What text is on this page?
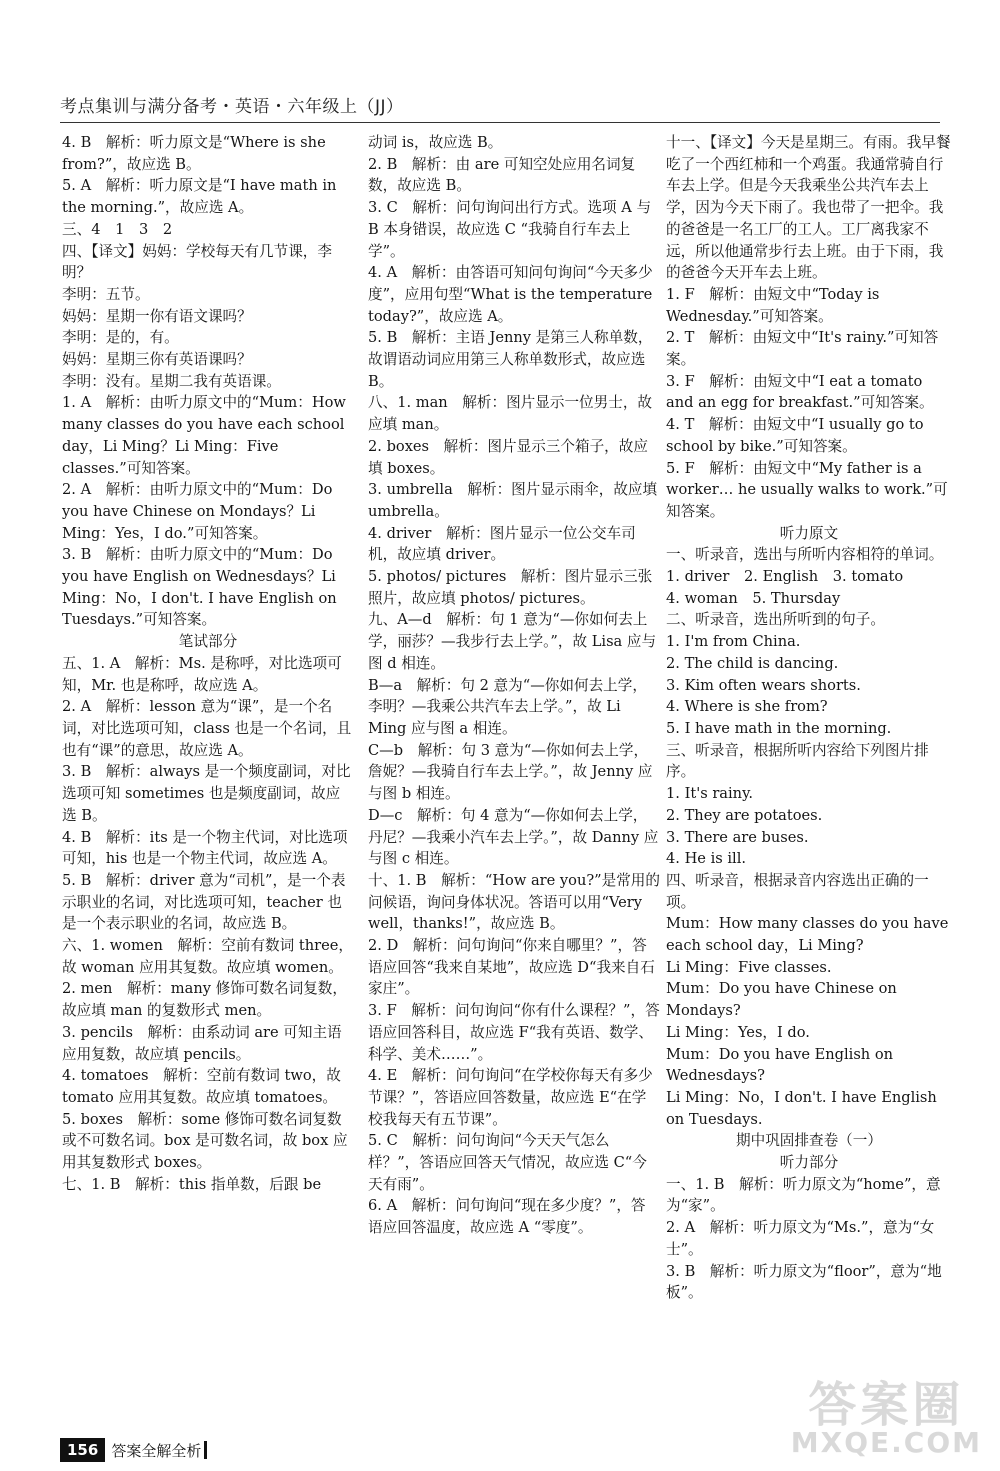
考点集训与满分备考・英语・六年级上（JJ）

4. B　解析：听力原文是“Where is she from?”，故应选 B。

5. A　解析：听力原文是“I have math in the morning.”，故应选 A。

三、4　1　3　2

四、【译文】妈妈：学校每天有几节课，李明？

李明：五节。

妈妈：星期一你有语文课吗？

李明：是的，有。

妈妈：星期三你有英语课吗？

李明：没有。星期二我有英语课。

1. A　解析：由听力原文中的“Mum：How many classes do you have each school day，Li Ming？Li Ming：Five classes.”可知答案。

2. A　解析：由听力原文中的“Mum：Do you have Chinese on Mondays？Li Ming：Yes，I do.”可知答案。

3. B　解析：由听力原文中的“Mum：Do you have English on Wednesdays？Li Ming：No，I don't. I have English on Tuesdays.”可知答案。

笔试部分

五、1. A　解析：Ms. 是称呼，对比选项可知，Mr. 也是称呼，故应选 A。

2. A　解析：lesson 意为“课”，是一个名词，对比选项可知，class 也是一个名词，且也有“课”的意思，故应选 A。

3. B　解析：always 是一个频度副词，对比选项可知 sometimes 也是频度副词，故应选 B。

4. B　解析：its 是一个物主代词，对比选项可知，his 也是一个物主代词，故应选 A。

5. B　解析：driver 意为“司机”，是一个表示职业的名词，对比选项可知，teacher 也是一个表示职业的名词，故应选 B。

六、1. women　解析：空前有数词 three，故 woman 应用其复数。故应填 women。

2. men　解析：many 修饰可数名词复数，故应填 man 的复数形式 men。

3. pencils　解析：由系动词 are 可知主语应用复数，故应填 pencils。

4. tomatoes　解析：空前有数词 two，故 tomato 应用其复数。故应填 tomatoes。

5. boxes　解析：some 修饰可数名词复数或不可数名词。box 是可数名词，故 box 应用其复数形式 boxes。

七、1. B　解析：this 指单数，后跟 be

动词 is，故应选 B。

2. B　解析：由 are 可知空处应用名词复数，故应选 B。

3. C　解析：问句询问出行方式。选项 A 与 B 本身错误，故应选 C “我骑自行车去上学”。

4. A　解析：由答语可知问句询问“今天多少度”，应用句型“What is the temperature today?”，故应选 A。

5. B　解析：主语 Jenny 是第三人称单数，故谓语动词应用第三人称单数形式，故应选 B。

八、1. man　解析：图片显示一位男士，故应填 man。

2. boxes　解析：图片显示三个箱子，故应填 boxes。

3. umbrella　解析：图片显示雨伞，故应填 umbrella。

4. driver　解析：图片显示一位公交车司机，故应填 driver。

5. photos/ pictures　解析：图片显示三张照片，故应填 photos/ pictures。

九、A—d　解析：句 1 意为“—你如何去上学，丽莎？—我步行去上学。”，故 Lisa 应与图 d 相连。

B—a　解析：句 2 意为“—你如何去上学，李明？—我乘公共汽车去上学。”，故 Li Ming 应与图 a 相连。

C—b　解析：句 3 意为“—你如何去上学，詹妮？—我骑自行车去上学。”，故 Jenny 应与图 b 相连。

D—c　解析：句 4 意为“—你如何去上学，丹尼？—我乘小汽车去上学。”，故 Danny 应与图 c 相连。

十、1. B　解析：“How are you?”是常用的问候语，询问身体状况。答语可以用“Very well，thanks!”，故应选 B。

2. D　解析：问句询问“你来自哪里？”，答语应回答“我来自某地”，故应选 D“我来自石家庄”。

3. F　解析：问句询问“你有什么课程？”，答语应回答科目，故应选 F“我有英语、数学、科学、美术……”。

4. E　解析：问句询问“在学校你每天有多少节课？”，答语应回答数量，故应选 E“在学校我每天有五节课”。

5. C　解析：问句询问“今天天气怎么样？”，答语应回答天气情况，故应选 C“今天有雨”。

6. A　解析：问句询问“现在多少度？”，答语应回答温度，故应选 A “零度”。

十一、【译文】今天是星期三。有雨。我早餐吃了一个西红柿和一个鸡蛋。我通常骑自行车去上学。但是今天我乘坐公共汽车去上学，因为今天下雨了。我也带了一把伞。我的爸爸是一名工厂的工人。工厂离我家不远，所以他通常步行去上班。由于下雨，我的爸爸今天开车去上班。

1. F　解析：由短文中“Today is Wednesday.”可知答案。

2. T　解析：由短文中“It's rainy.”可知答案。

3. F　解析：由短文中“I eat a tomato and an egg for breakfast.”可知答案。

4. T　解析：由短文中“I usually go to school by bike.”可知答案。

5. F　解析：由短文中“My father is a worker… he usually walks to work.”可知答案。

听力原文

一、听录音，选出与所听内容相符的单词。

1. driver　2. English　3. tomato

4. woman　5. Thursday

二、听录音，选出所听到的句子。

1. I'm from China.

2. The child is dancing.

3. Kim often wears shorts.

4. Where is she from?

5. I have math in the morning.

三、听录音，根据所听内容给下列图片排序。

1. It's rainy.

2. They are potatoes.

3. There are buses.

4. He is ill.

四、听录音，根据录音内容选出正确的一项。

Mum：How many classes do you have each school day，Li Ming?

Li Ming：Five classes.

Mum：Do you have Chinese on Mondays?

Li Ming：Yes，I do.

Mum：Do you have English on Wednesdays?

Li Ming：No，I don't. I have English on Tuesdays.

期中巩固排查卷（一）

听力部分

一、1. B　解析：听力原文为“home”，意为“家”。

2. A　解析：听力原文为“Ms.”，意为“女士”。

3. B　解析：听力原文为“floor”，意为“地板”。

156 答案全解全析
答案圈
MXQE.COM
